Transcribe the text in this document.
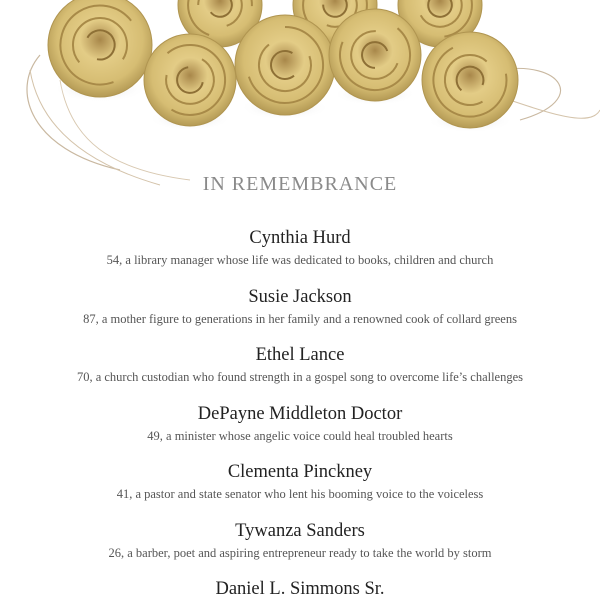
IN REMEMBRANCE
Cynthia Hurd
54, a library manager whose life was dedicated to books, children and church
Susie Jackson
87, a mother figure to generations in her family and a renowned cook of collard greens
Ethel Lance
70, a church custodian who found strength in a gospel song to overcome life’s challenges
DePayne Middleton Doctor
49, a minister whose angelic voice could heal troubled hearts
Clementa Pinckney
41, a pastor and state senator who lent his booming voice to the voiceless
Tywanza Sanders
26, a barber, poet and aspiring entrepreneur ready to take the world by storm
Daniel L. Simmons Sr.
